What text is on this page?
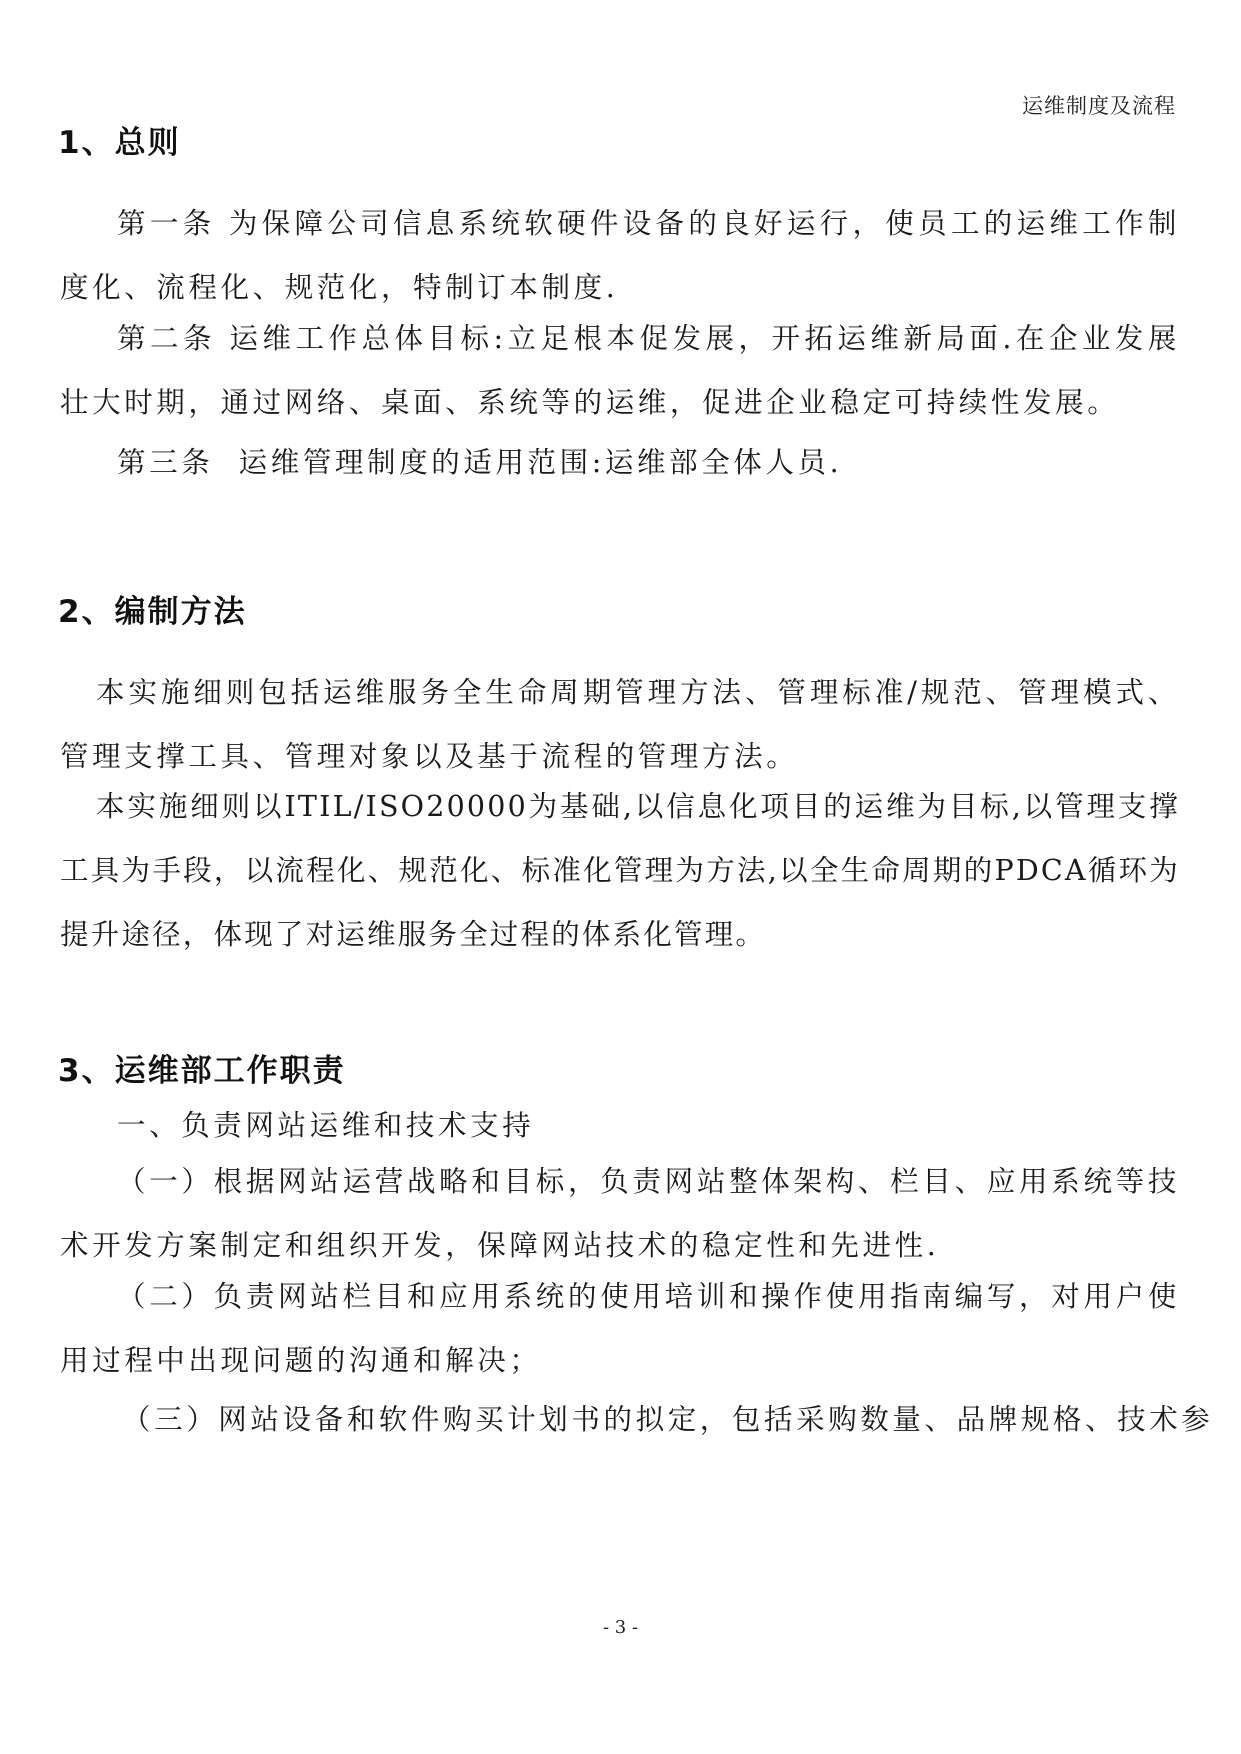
运维制度及流程
1、总则

第一条 为保障公司信息系统软硬件设备的良好运行，使员工的运维工作制度化、流程化、规范化，特制订本制度.

第二条 运维工作总体目标:立足根本促发展，开拓运维新局面.在企业发展壮大时期，通过网络、桌面、系统等的运维，促进企业稳定可持续性发展。

第三条  运维管理制度的适用范围:运维部全体人员.

2、编制方法

本实施细则包括运维服务全生命周期管理方法、管理标准/规范、管理模式、管理支撑工具、管理对象以及基于流程的管理方法。

本实施细则以ITIL/ISO20000为基础,以信息化项目的运维为目标,以管理支撑工具为手段，以流程化、规范化、标准化管理为方法,以全生命周期的PDCA循环为提升途径，体现了对运维服务全过程的体系化管理。

3、运维部工作职责

一、负责网站运维和技术支持

（一）根据网站运营战略和目标，负责网站整体架构、栏目、应用系统等技术开发方案制定和组织开发，保障网站技术的稳定性和先进性.

（二）负责网站栏目和应用系统的使用培训和操作使用指南编写，对用户使用过程中出现问题的沟通和解决；

（三）网站设备和软件购买计划书的拟定，包括采购数量、品牌规格、技术参

- 3 -
